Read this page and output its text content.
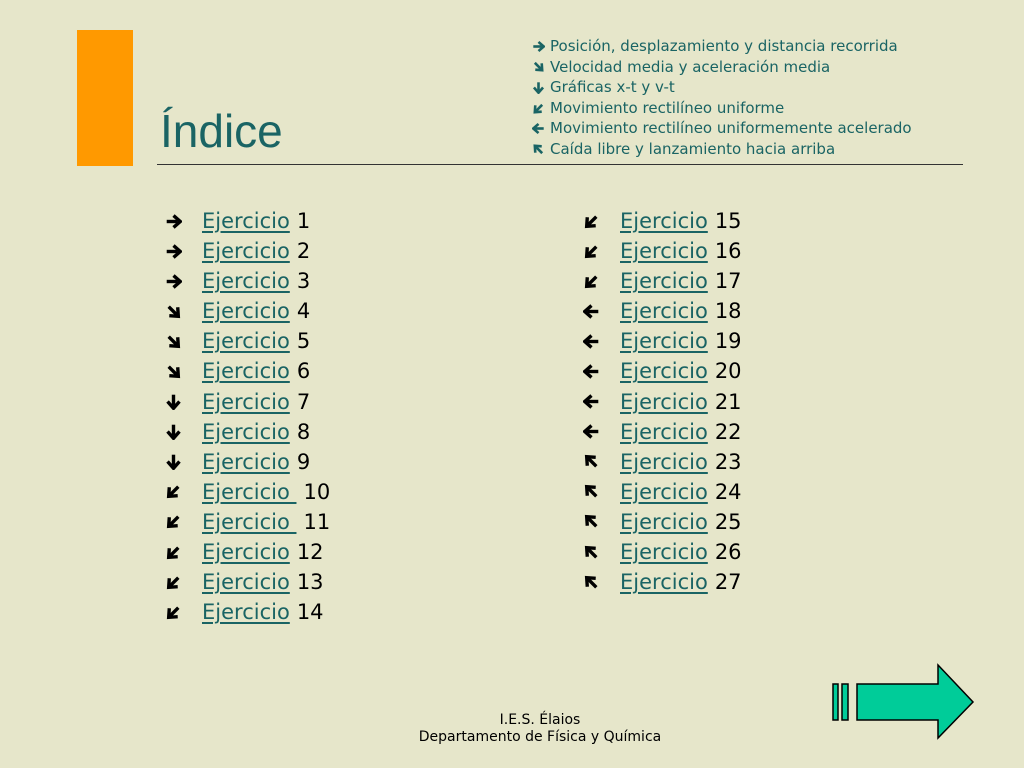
Índice
Posición, desplazamiento y distancia recorrida
Velocidad media y aceleración media
Gráficas x-t y v-t
Movimiento rectilíneo uniforme
Movimiento rectilíneo uniformemente acelerado
Caída libre y lanzamiento hacia arriba
Ejercicio 1
Ejercicio 2
Ejercicio 3
Ejercicio 4
Ejercicio 5
Ejercicio 6
Ejercicio 7
Ejercicio 8
Ejercicio 9
Ejercicio 10
Ejercicio 11
Ejercicio 12
Ejercicio 13
Ejercicio 14
Ejercicio 15
Ejercicio 16
Ejercicio 17
Ejercicio 18
Ejercicio 19
Ejercicio 20
Ejercicio 21
Ejercicio 22
Ejercicio 23
Ejercicio 24
Ejercicio 25
Ejercicio 26
Ejercicio 27
I.E.S. Élaios
Departamento de Física y Química
